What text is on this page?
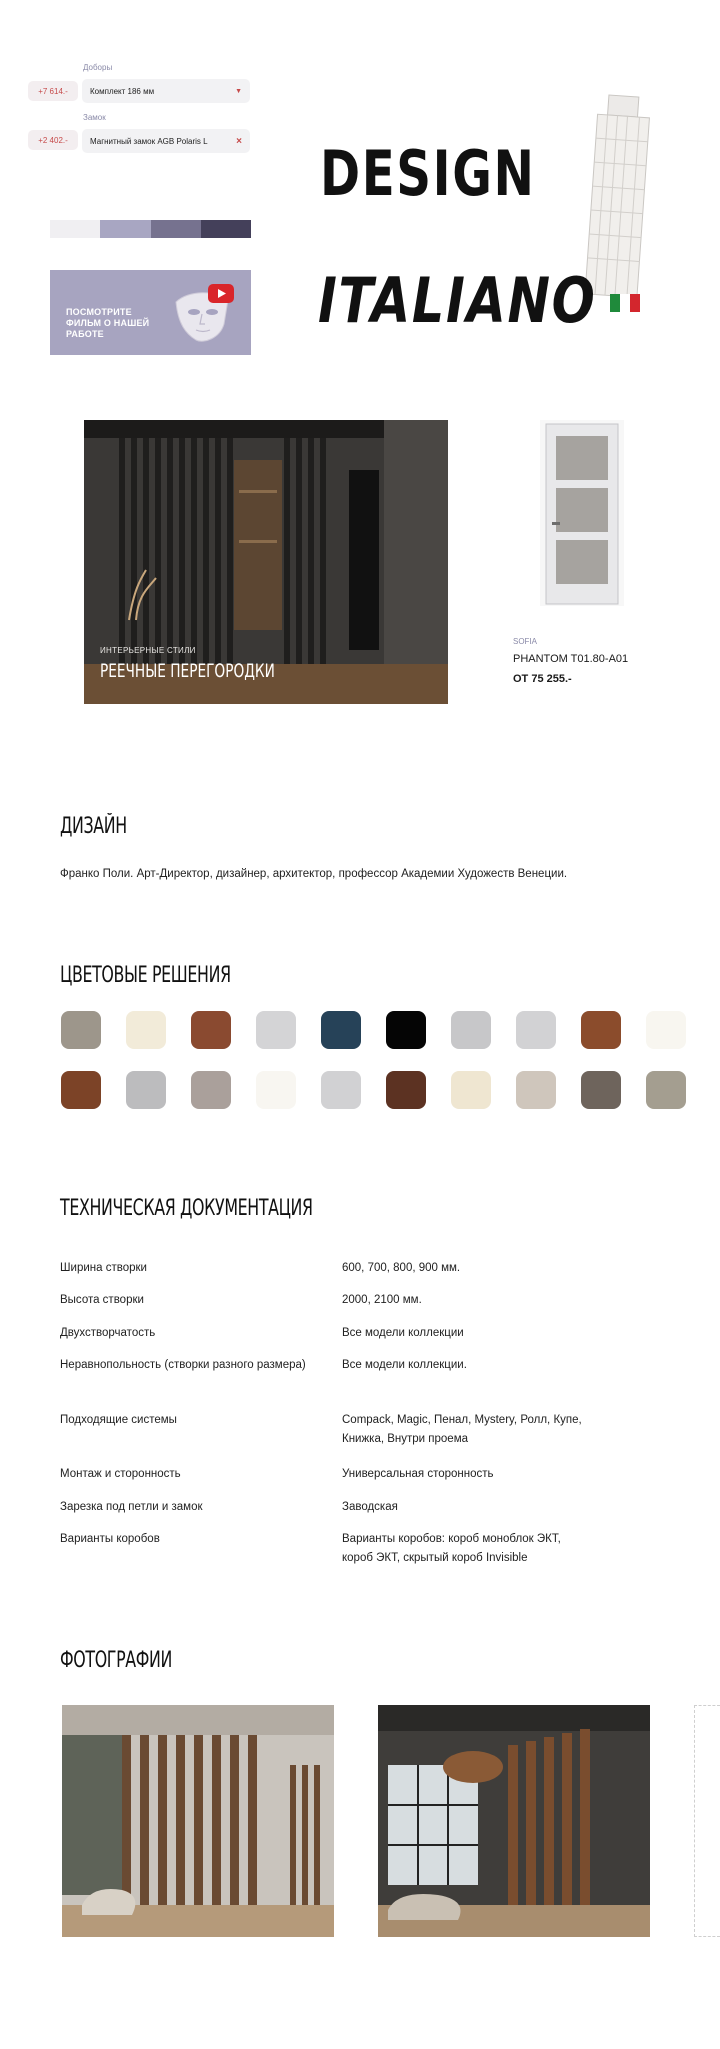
Доборы
+7 614.-	Комплект 186 мм	▼
Замок
+2 402.-	Магнитный замок AGB Polaris L	×
ПОСМОТРИТЕ ФИЛЬМ О НАШЕЙ РАБОТЕ
DESIGN
ITALIANO
ИНТЕРЬЕРНЫЕ СТИЛИ
РЕЕЧНЫЕ ПЕРЕГОРОДКИ
SOFIA
PHANTOM T01.80-A01
ОТ 75 255.-
ДИЗАЙН
Франко Поли. Арт-Директор, дизайнер, архитектор, профессор Академии Художеств Венеции.
ЦВЕТОВЫЕ РЕШЕНИЯ
ТЕХНИЧЕСКАЯ ДОКУМЕНТАЦИЯ
Ширина створки	600, 700, 800, 900 мм.
Высота створки	2000, 2100 мм.
Двухстворчатость	Все модели коллекции
Неравнопольность (створки разного размера)	Все модели коллекции.
Подходящие системы	Compack, Magic, Пенал, Mystery, Ролл, Купе, Книжка, Внутри проема
Монтаж и сторонность	Универсальная сторонность
Зарезка под петли и замок	Заводская
Варианты коробов	Варианты коробов: короб моноблок ЭКТ, короб ЭКТ, скрытый короб Invisible
ФОТОГРАФИИ
